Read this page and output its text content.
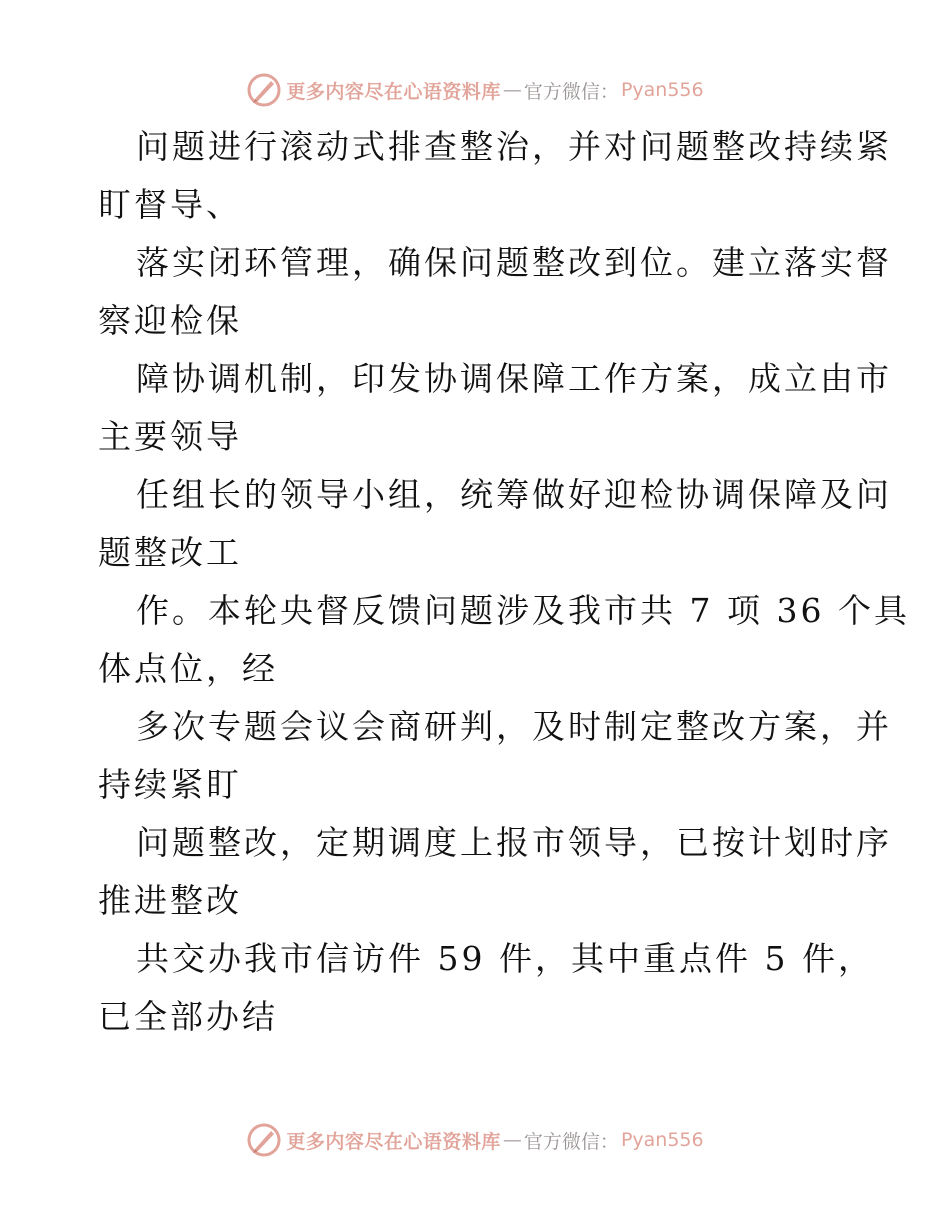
更多内容尽在心语资料库 — 官方微信： Pyan556

问题进行滚动式排查整治，并对问题整改持续紧

盯督导、

落实闭环管理，确保问题整改到位。建立落实督

察迎检保

障协调机制，印发协调保障工作方案，成立由市

主要领导

任组长的领导小组，统筹做好迎检协调保障及问

题整改工

作。本轮央督反馈问题涉及我市共 7 项 36 个具

体点位，经

多次专题会议会商研判，及时制定整改方案，并

持续紧盯

问题整改，定期调度上报市领导，已按计划时序

推进整改

共交办我市信访件 59 件，其中重点件 5 件，

已全部办结

更多内容尽在心语资料库 — 官方微信： Pyan556
